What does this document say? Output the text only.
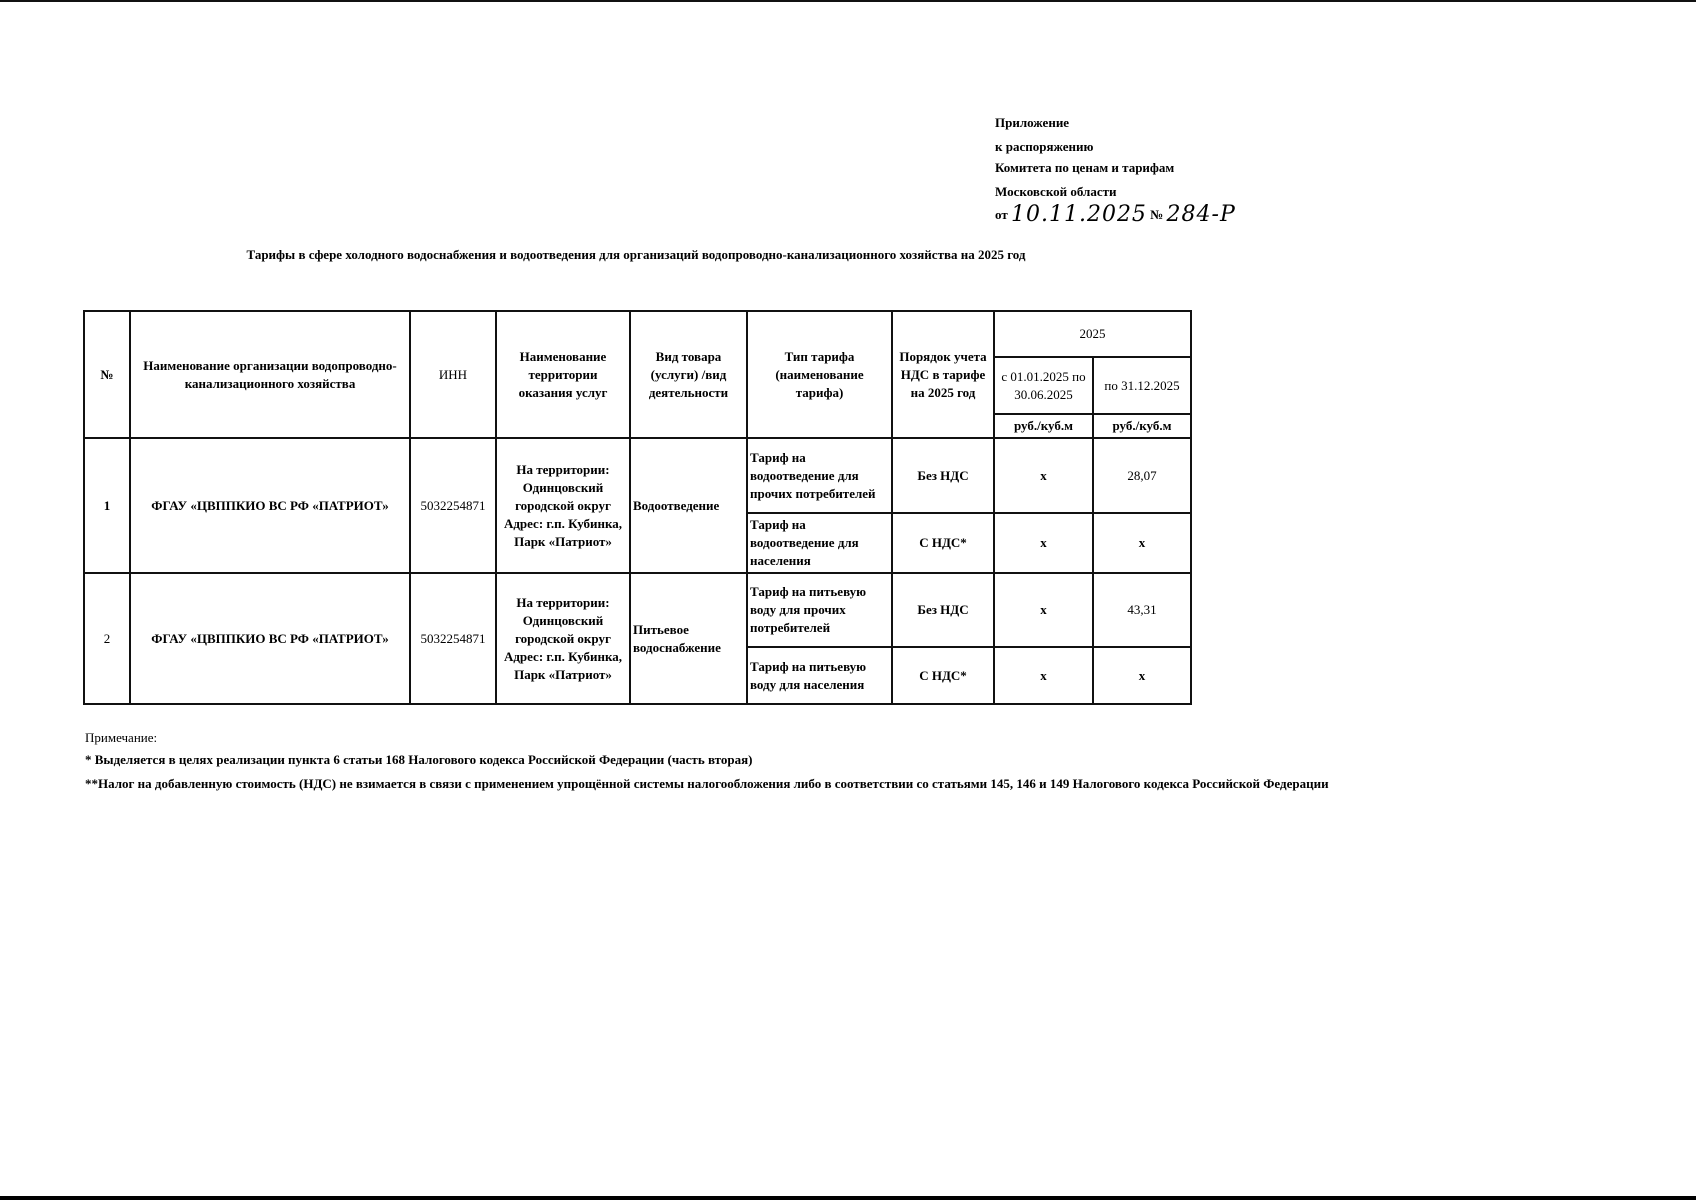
Приложение
к распоряжению
Комитета по ценам и тарифам
Московской области
от 10.11.2025 № 284-Р
Тарифы в сфере холодного водоснабжения и водоотведения для организаций водопроводно-канализационного хозяйства на 2025 год
№	Наименование организации водопроводно-канализационного хозяйства	ИНН	Наименование территории оказания услуг	Вид товара (услуги) /вид деятельности	Тип тарифа (наименование тарифа)	Порядок учета НДС в тарифе на 2025 год	2025	
							с 01.01.2025 по 30.06.2025	по 31.12.2025
							руб./куб.м	руб./куб.м
1	ФГАУ «ЦВППКИО ВС РФ «ПАТРИОТ»	5032254871	На территории: Одинцовский городской округ Адрес: г.п. Кубинка, Парк «Патриот»	Водоотведение	Тариф на водоотведение для прочих потребителей	Без НДС	х	28,07
					Тариф на водоотведение для населения	С НДС*	х	х
2	ФГАУ «ЦВППКИО ВС РФ «ПАТРИОТ»	5032254871	На территории: Одинцовский городской округ Адрес: г.п. Кубинка, Парк «Патриот»	Питьевое водоснабжение	Тариф на питьевую воду для прочих потребителей	Без НДС	х	43,31
					Тариф на питьевую воду для населения	С НДС*	х	х
Примечание:
* Выделяется в целях реализации пункта 6 статьи 168 Налогового кодекса Российской Федерации (часть вторая)
**Налог на добавленную стоимость (НДС) не взимается в связи с применением упрощённой системы налогообложения либо в соответствии со статьями 145, 146 и 149 Налогового кодекса Российской Федерации
